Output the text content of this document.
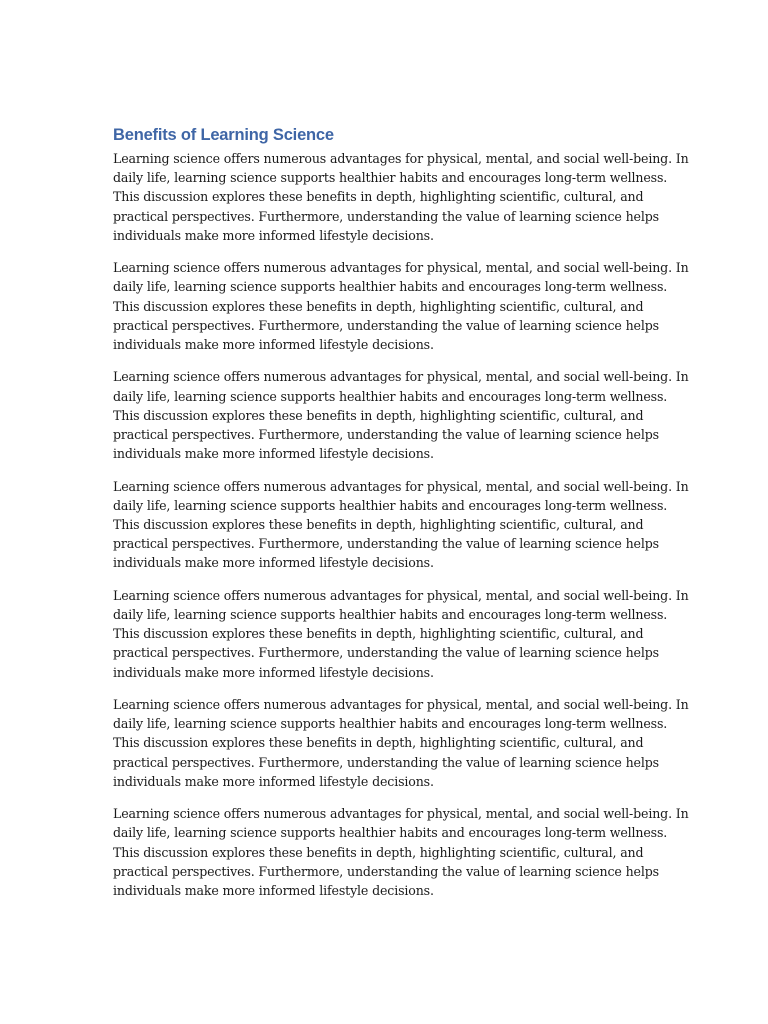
Benefits of Learning Science

Learning science offers numerous advantages for physical, mental, and social well-being. In
daily life, learning science supports healthier habits and encourages long-term wellness.
This discussion explores these benefits in depth, highlighting scientific, cultural, and
practical perspectives. Furthermore, understanding the value of learning science helps
individuals make more informed lifestyle decisions.

Learning science offers numerous advantages for physical, mental, and social well-being. In
daily life, learning science supports healthier habits and encourages long-term wellness.
This discussion explores these benefits in depth, highlighting scientific, cultural, and
practical perspectives. Furthermore, understanding the value of learning science helps
individuals make more informed lifestyle decisions.

Learning science offers numerous advantages for physical, mental, and social well-being. In
daily life, learning science supports healthier habits and encourages long-term wellness.
This discussion explores these benefits in depth, highlighting scientific, cultural, and
practical perspectives. Furthermore, understanding the value of learning science helps
individuals make more informed lifestyle decisions.

Learning science offers numerous advantages for physical, mental, and social well-being. In
daily life, learning science supports healthier habits and encourages long-term wellness.
This discussion explores these benefits in depth, highlighting scientific, cultural, and
practical perspectives. Furthermore, understanding the value of learning science helps
individuals make more informed lifestyle decisions.

Learning science offers numerous advantages for physical, mental, and social well-being. In
daily life, learning science supports healthier habits and encourages long-term wellness.
This discussion explores these benefits in depth, highlighting scientific, cultural, and
practical perspectives. Furthermore, understanding the value of learning science helps
individuals make more informed lifestyle decisions.

Learning science offers numerous advantages for physical, mental, and social well-being. In
daily life, learning science supports healthier habits and encourages long-term wellness.
This discussion explores these benefits in depth, highlighting scientific, cultural, and
practical perspectives. Furthermore, understanding the value of learning science helps
individuals make more informed lifestyle decisions.

Learning science offers numerous advantages for physical, mental, and social well-being. In
daily life, learning science supports healthier habits and encourages long-term wellness.
This discussion explores these benefits in depth, highlighting scientific, cultural, and
practical perspectives. Furthermore, understanding the value of learning science helps
individuals make more informed lifestyle decisions.
